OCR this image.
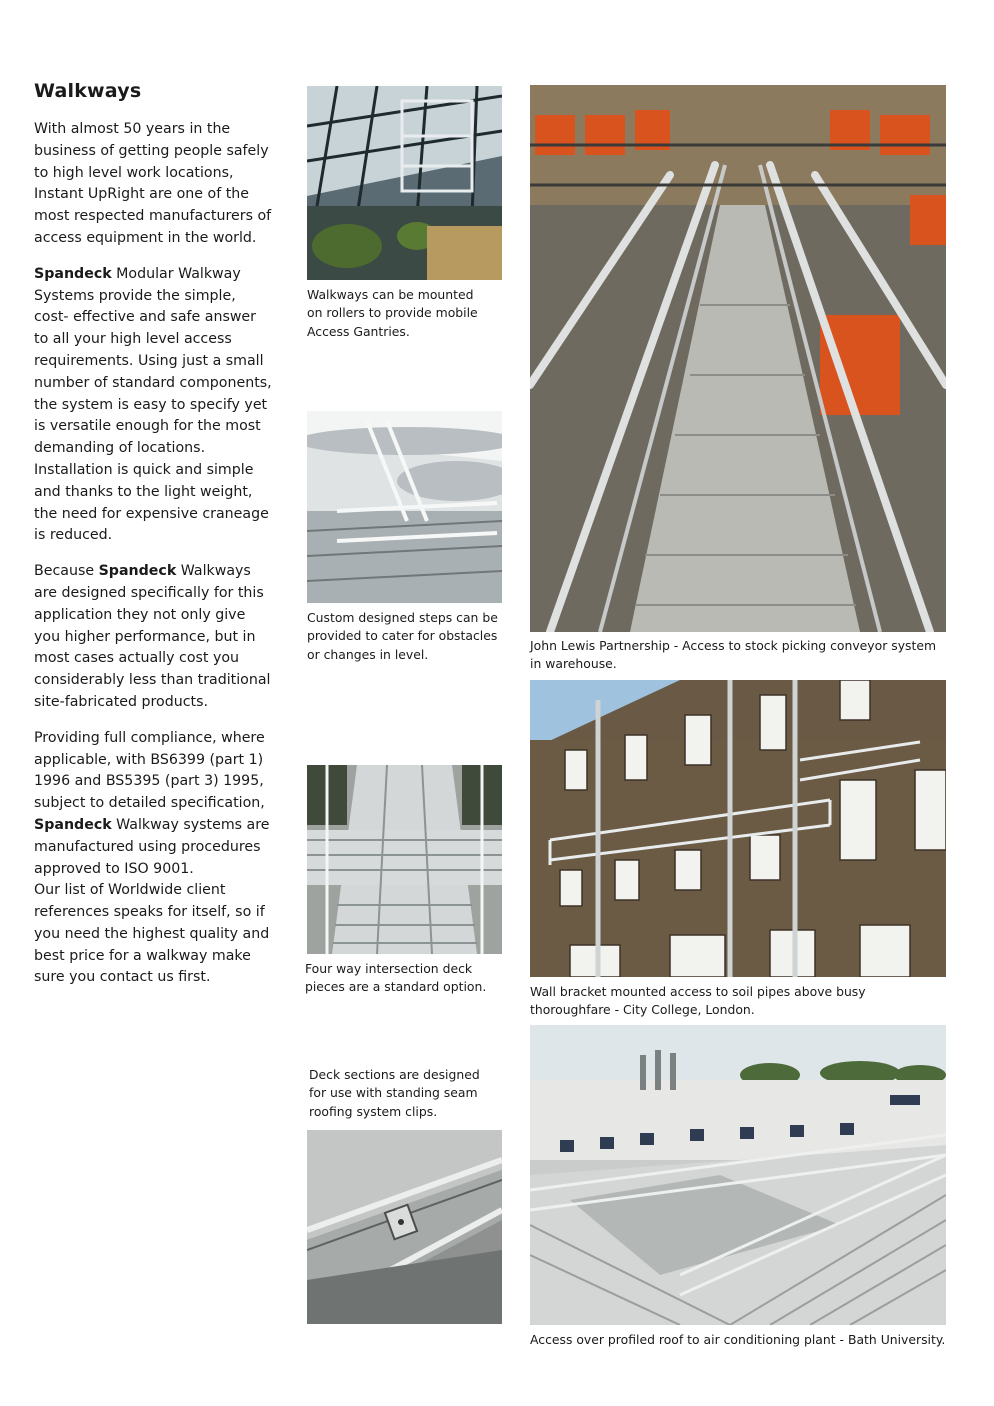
Walkways

With almost 50 years in the business of getting people safely to high level work locations, Instant UpRight are one of the most respected manufacturers of access equipment in the world.

Spandeck Modular Walkway Systems provide the simple, cost- effective and safe answer to all your high level access requirements. Using just a small number of standard components, the system is easy to specify yet is versatile enough for the most demanding of locations. Installation is quick and simple and thanks to the light weight, the need for expensive craneage is reduced.

Because Spandeck Walkways are designed specifically for this application they not only give you higher performance, but in most cases actually cost you considerably less than traditional site-fabricated products.

Providing full compliance, where applicable, with BS6399 (part 1) 1996 and BS5395 (part 3) 1995, subject to detailed specification, Spandeck Walkway systems are manufactured using procedures approved to ISO 9001.

Our list of Worldwide client references speaks for itself, so if you need the highest quality and best price for a walkway make sure you contact us first.

Walkways can be mounted
on rollers to provide mobile
Access Gantries.

Custom designed steps can be
provided to cater for obstacles
or changes in level.

Four way intersection deck
pieces are a standard option.

Deck sections are designed
for use with standing seam
roofing system clips.

John Lewis Partnership - Access to stock picking conveyor system
in warehouse.

Wall bracket mounted access to soil pipes above busy
thoroughfare - City College, London.

Access over profiled roof to air conditioning plant - Bath University.
